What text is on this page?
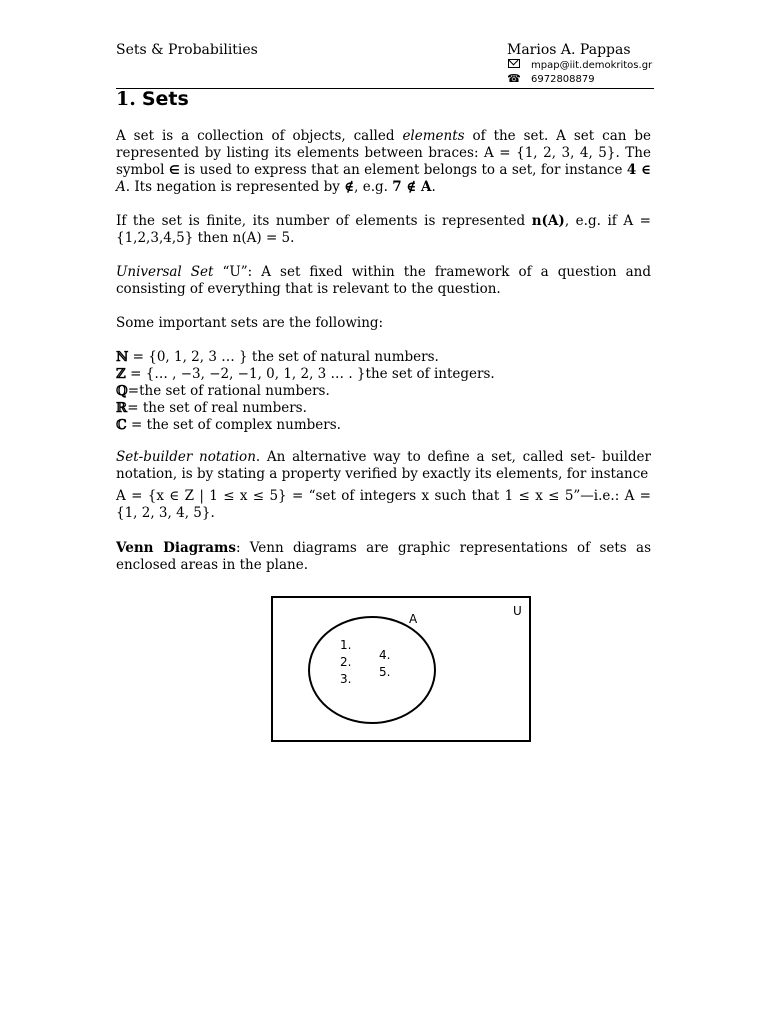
Sets & Probabilities	Marios A. Pappas
mpap@iit.demokritos.gr
☎ 6972808879
1. Sets

A set is a collection of objects, called elements of the set. A set can be represented by listing its elements between braces: A = {1, 2, 3, 4, 5}. The symbol ∈ is used to express that an element belongs to a set, for instance 4 ∈ A. Its negation is represented by ∉, e.g. 7 ∉ A.

If the set is finite, its number of elements is represented n(A), e.g. if A = {1,2,3,4,5} then n(A) = 5.

Universal Set “U”: A set fixed within the framework of a question and consisting of everything that is relevant to the question.

Some important sets are the following:

ℕ = {0, 1, 2, 3 … } the set of natural numbers.

ℤ = {… , −3, −2, −1, 0, 1, 2, 3 … . }the set of integers.

ℚ=the set of rational numbers.

ℝ= the set of real numbers.

ℂ = the set of complex numbers.

Set-builder notation. An alternative way to define a set, called set- builder notation, is by stating a property verified by exactly its elements, for instance

A = {x ∈ Z | 1 ≤ x ≤ 5} = “set of integers x such that 1 ≤ x ≤ 5”—i.e.: A = {1, 2, 3, 4, 5}.

Venn Diagrams: Venn diagrams are graphic representations of sets as enclosed areas in the plane.

U
A
1.
2.
3.
4.
5.
